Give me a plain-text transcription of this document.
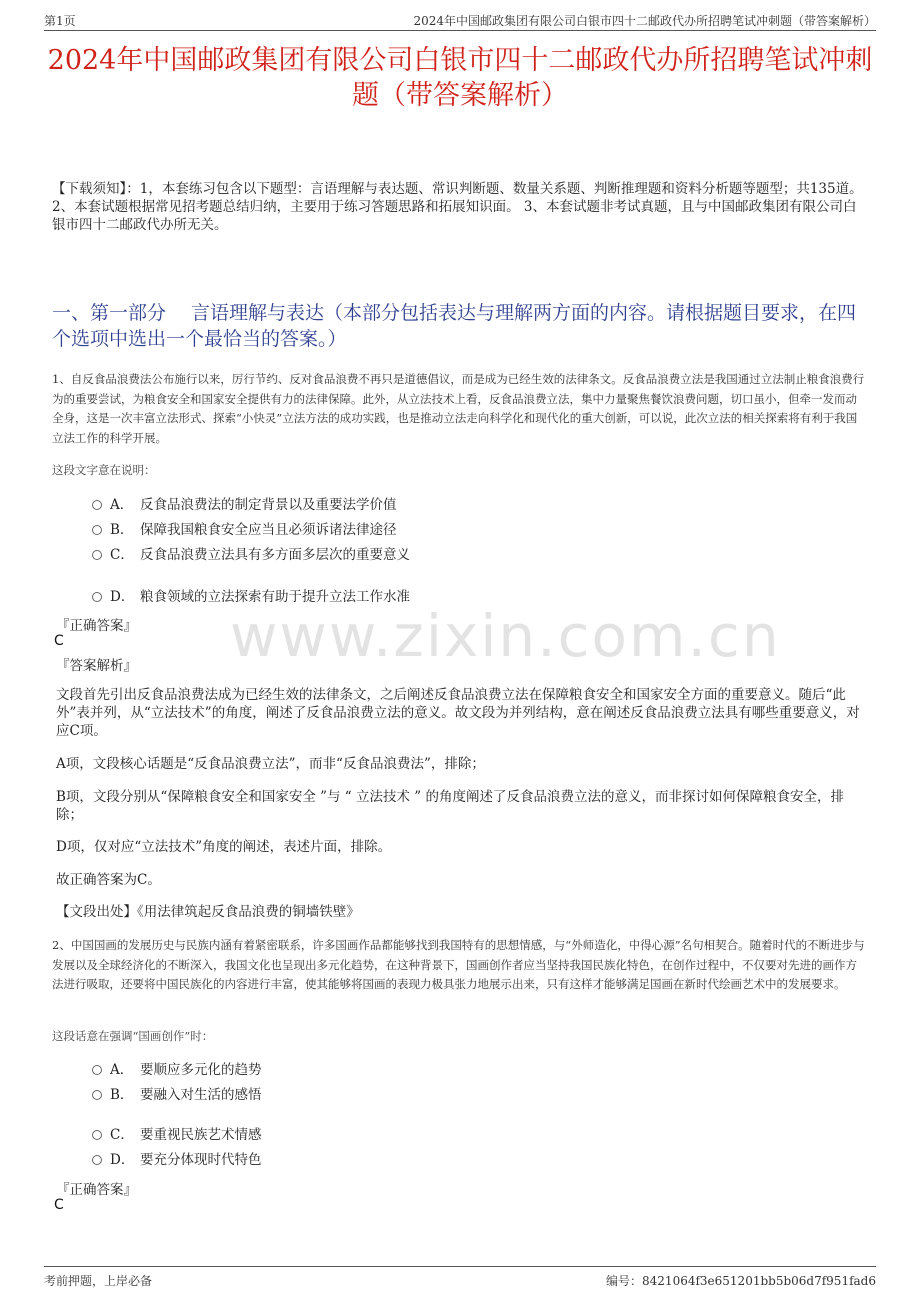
第1页	2024年中国邮政集团有限公司白银市四十二邮政代办所招聘笔试冲刺题（带答案解析）
2024年中国邮政集团有限公司白银市四十二邮政代办所招聘笔试冲刺题（带答案解析）
【下载须知】：1，本套练习包含以下题型：言语理解与表达题、常识判断题、数量关系题、判断推理题和资料分析题等题型；共135道。 2、本套试题根据常见招考题总结归纳，主要用于练习答题思路和拓展知识面。 3、本套试题非考试真题，且与中国邮政集团有限公司白银市四十二邮政代办所无关。
一、第一部分　 言语理解与表达（本部分包括表达与理解两方面的内容。请根据题目要求，在四个选项中选出一个最恰当的答案。）
www.zixin.com.cn
1、自反食品浪费法公布施行以来，厉行节约、反对食品浪费不再只是道德倡议，而是成为已经生效的法律条文。反食品浪费立法是我国通过立法制止粮食浪费行为的重要尝试，为粮食安全和国家安全提供有力的法律保障。此外，从立法技术上看，反食品浪费立法，集中力量聚焦餐饮浪费问题，切口虽小，但牵一发而动全身，这是一次丰富立法形式、探索“小快灵”立法方法的成功实践，也是推动立法走向科学化和现代化的重大创新，可以说，此次立法的相关探索将有利于我国立法工作的科学开展。
这段文字意在说明：
A． 反食品浪费法的制定背景以及重要法学价值
B． 保障我国粮食安全应当且必须诉诸法律途径
C． 反食品浪费立法具有多方面多层次的重要意义
D． 粮食领域的立法探索有助于提升立法工作水准
『正确答案』
C
『答案解析』
文段首先引出反食品浪费法成为已经生效的法律条文，之后阐述反食品浪费立法在保障粮食安全和国家安全方面的重要意义。随后“此外”表并列，从“立法技术”的角度，阐述了反食品浪费立法的意义。故文段为并列结构，意在阐述反食品浪费立法具有哪些重要意义，对应C项。
A项，文段核心话题是“反食品浪费立法”，而非“反食品浪费法”，排除；
B项，文段分别从“保障粮食安全和国家安全 ”与 “ 立法技术 ” 的角度阐述了反食品浪费立法的意义，而非探讨如何保障粮食安全，排除；
D项，仅对应“立法技术”角度的阐述，表述片面，排除。
故正确答案为C。
【文段出处】《用法律筑起反食品浪费的铜墙铁壁》
2、中国国画的发展历史与民族内涵有着紧密联系，许多国画作品都能够找到我国特有的思想情感，与“外师造化，中得心源”名句相契合。随着时代的不断进步与发展以及全球经济化的不断深入，我国文化也呈现出多元化趋势，在这种背景下，国画创作者应当坚持我国民族化特色，在创作过程中，不仅要对先进的画作方法进行吸取，还要将中国民族化的内容进行丰富，使其能够将国画的表现力极具张力地展示出来，只有这样才能够满足国画在新时代绘画艺术中的发展要求。
这段话意在强调“国画创作”时：
A． 要顺应多元化的趋势
B． 要融入对生活的感悟
C． 要重视民族艺术情感
D． 要充分体现时代特色
『正确答案』
C
考前押题，上岸必备	编号：8421064f3e651201bb5b06d7f951fad6
